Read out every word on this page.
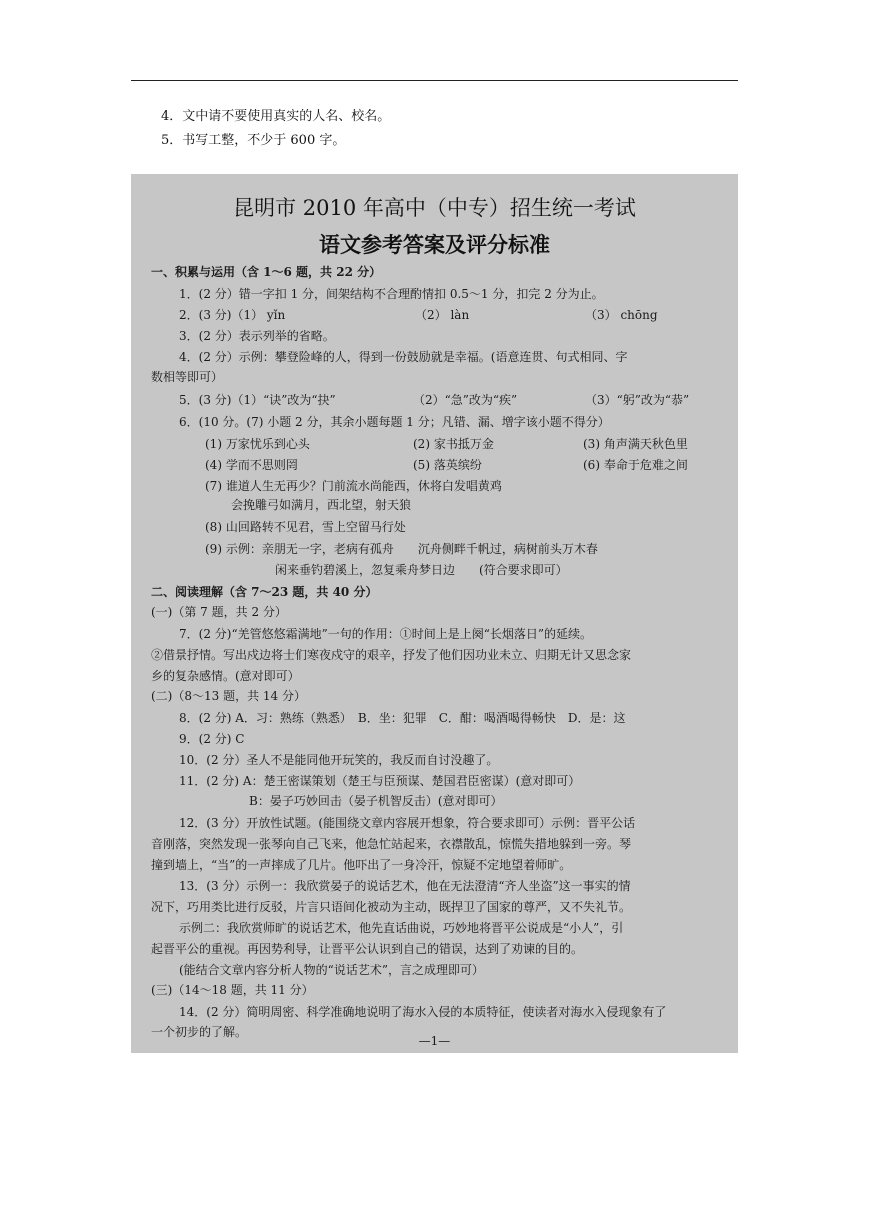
4．文中请不要使用真实的人名、校名。
5．书写工整，不少于 600 字。
昆明市 2010 年高中（中专）招生统一考试
语文参考答案及评分标准
一、积累与运用（含 1～6 题，共 22 分）
1．(2 分）错一字扣 1 分，间架结构不合理酌情扣 0.5～1 分，扣完 2 分为止。
2．(3 分)（1） yǐn	（2） làn	（3） chōng
3．(2 分）表示列举的省略。
4．(2 分）示例：攀登险峰的人，得到一份鼓励就是幸福。(语意连贯、句式相同、字
数相等即可）
5．(3 分)（1）“诀”改为“抉”	（2）“急”改为“疾”	（3）“躬”改为“恭”
6．(10 分。(7) 小题 2 分，其余小题每题 1 分；凡错、漏、增字该小题不得分）
(1) 万家忧乐到心头	(2) 家书抵万金	(3) 角声满天秋色里
(4) 学而不思则罔	(5) 落英缤纷	(6) 奉命于危难之间
(7) 谁道人生无再少？门前流水尚能西，休将白发唱黄鸡
会挽雕弓如满月，西北望，射天狼
(8) 山回路转不见君，雪上空留马行处
(9) 示例：亲朋无一字，老病有孤舟　　沉舟侧畔千帆过，病树前头万木春
闲来垂钓碧溪上，忽复乘舟梦日边　　(符合要求即可）
二、阅读理解（含 7～23 题，共 40 分）
(一)（第 7 题，共 2 分）
7．(2 分)“羌管悠悠霜满地”一句的作用：①时间上是上阕“长烟落日”的延续。
②借景抒情。写出戍边将士们寒夜戍守的艰辛，抒发了他们因功业未立、归期无计又思念家
乡的复杂感情。(意对即可）
(二)（8～13 题，共 14 分）
8．(2 分) A．习：熟练（熟悉）　B．坐：犯罪　C．酣：喝酒喝得畅快　D．是：这
9．(2 分) C
10．(2 分）圣人不是能同他开玩笑的，我反而自讨没趣了。
11．(2 分) A：楚王密谋策划（楚王与臣预谋、楚国君臣密谋）(意对即可）
B：晏子巧妙回击（晏子机智反击）(意对即可）
12．(3 分）开放性试题。(能围绕文章内容展开想象，符合要求即可）示例：晋平公话
音刚落，突然发现一张琴向自己飞来，他急忙站起来，衣襟散乱，惊慌失措地躲到一旁。琴
撞到墙上，“当”的一声摔成了几片。他吓出了一身冷汗，惊疑不定地望着师旷。
13．(3 分）示例一：我欣赏晏子的说话艺术，他在无法澄清“齐人坐盗”这一事实的情
况下，巧用类比进行反驳，片言只语间化被动为主动，既捍卫了国家的尊严，又不失礼节。
示例二：我欣赏师旷的说话艺术，他先直话曲说，巧妙地将晋平公说成是“小人”，引
起晋平公的重视。再因势利导，让晋平公认识到自己的错误，达到了劝谏的目的。
(能结合文章内容分析人物的“说话艺术”，言之成理即可）
(三)（14～18 题，共 11 分）
14．(2 分）简明周密、科学准确地说明了海水入侵的本质特征，使读者对海水入侵现象有了
一个初步的了解。
—1—
